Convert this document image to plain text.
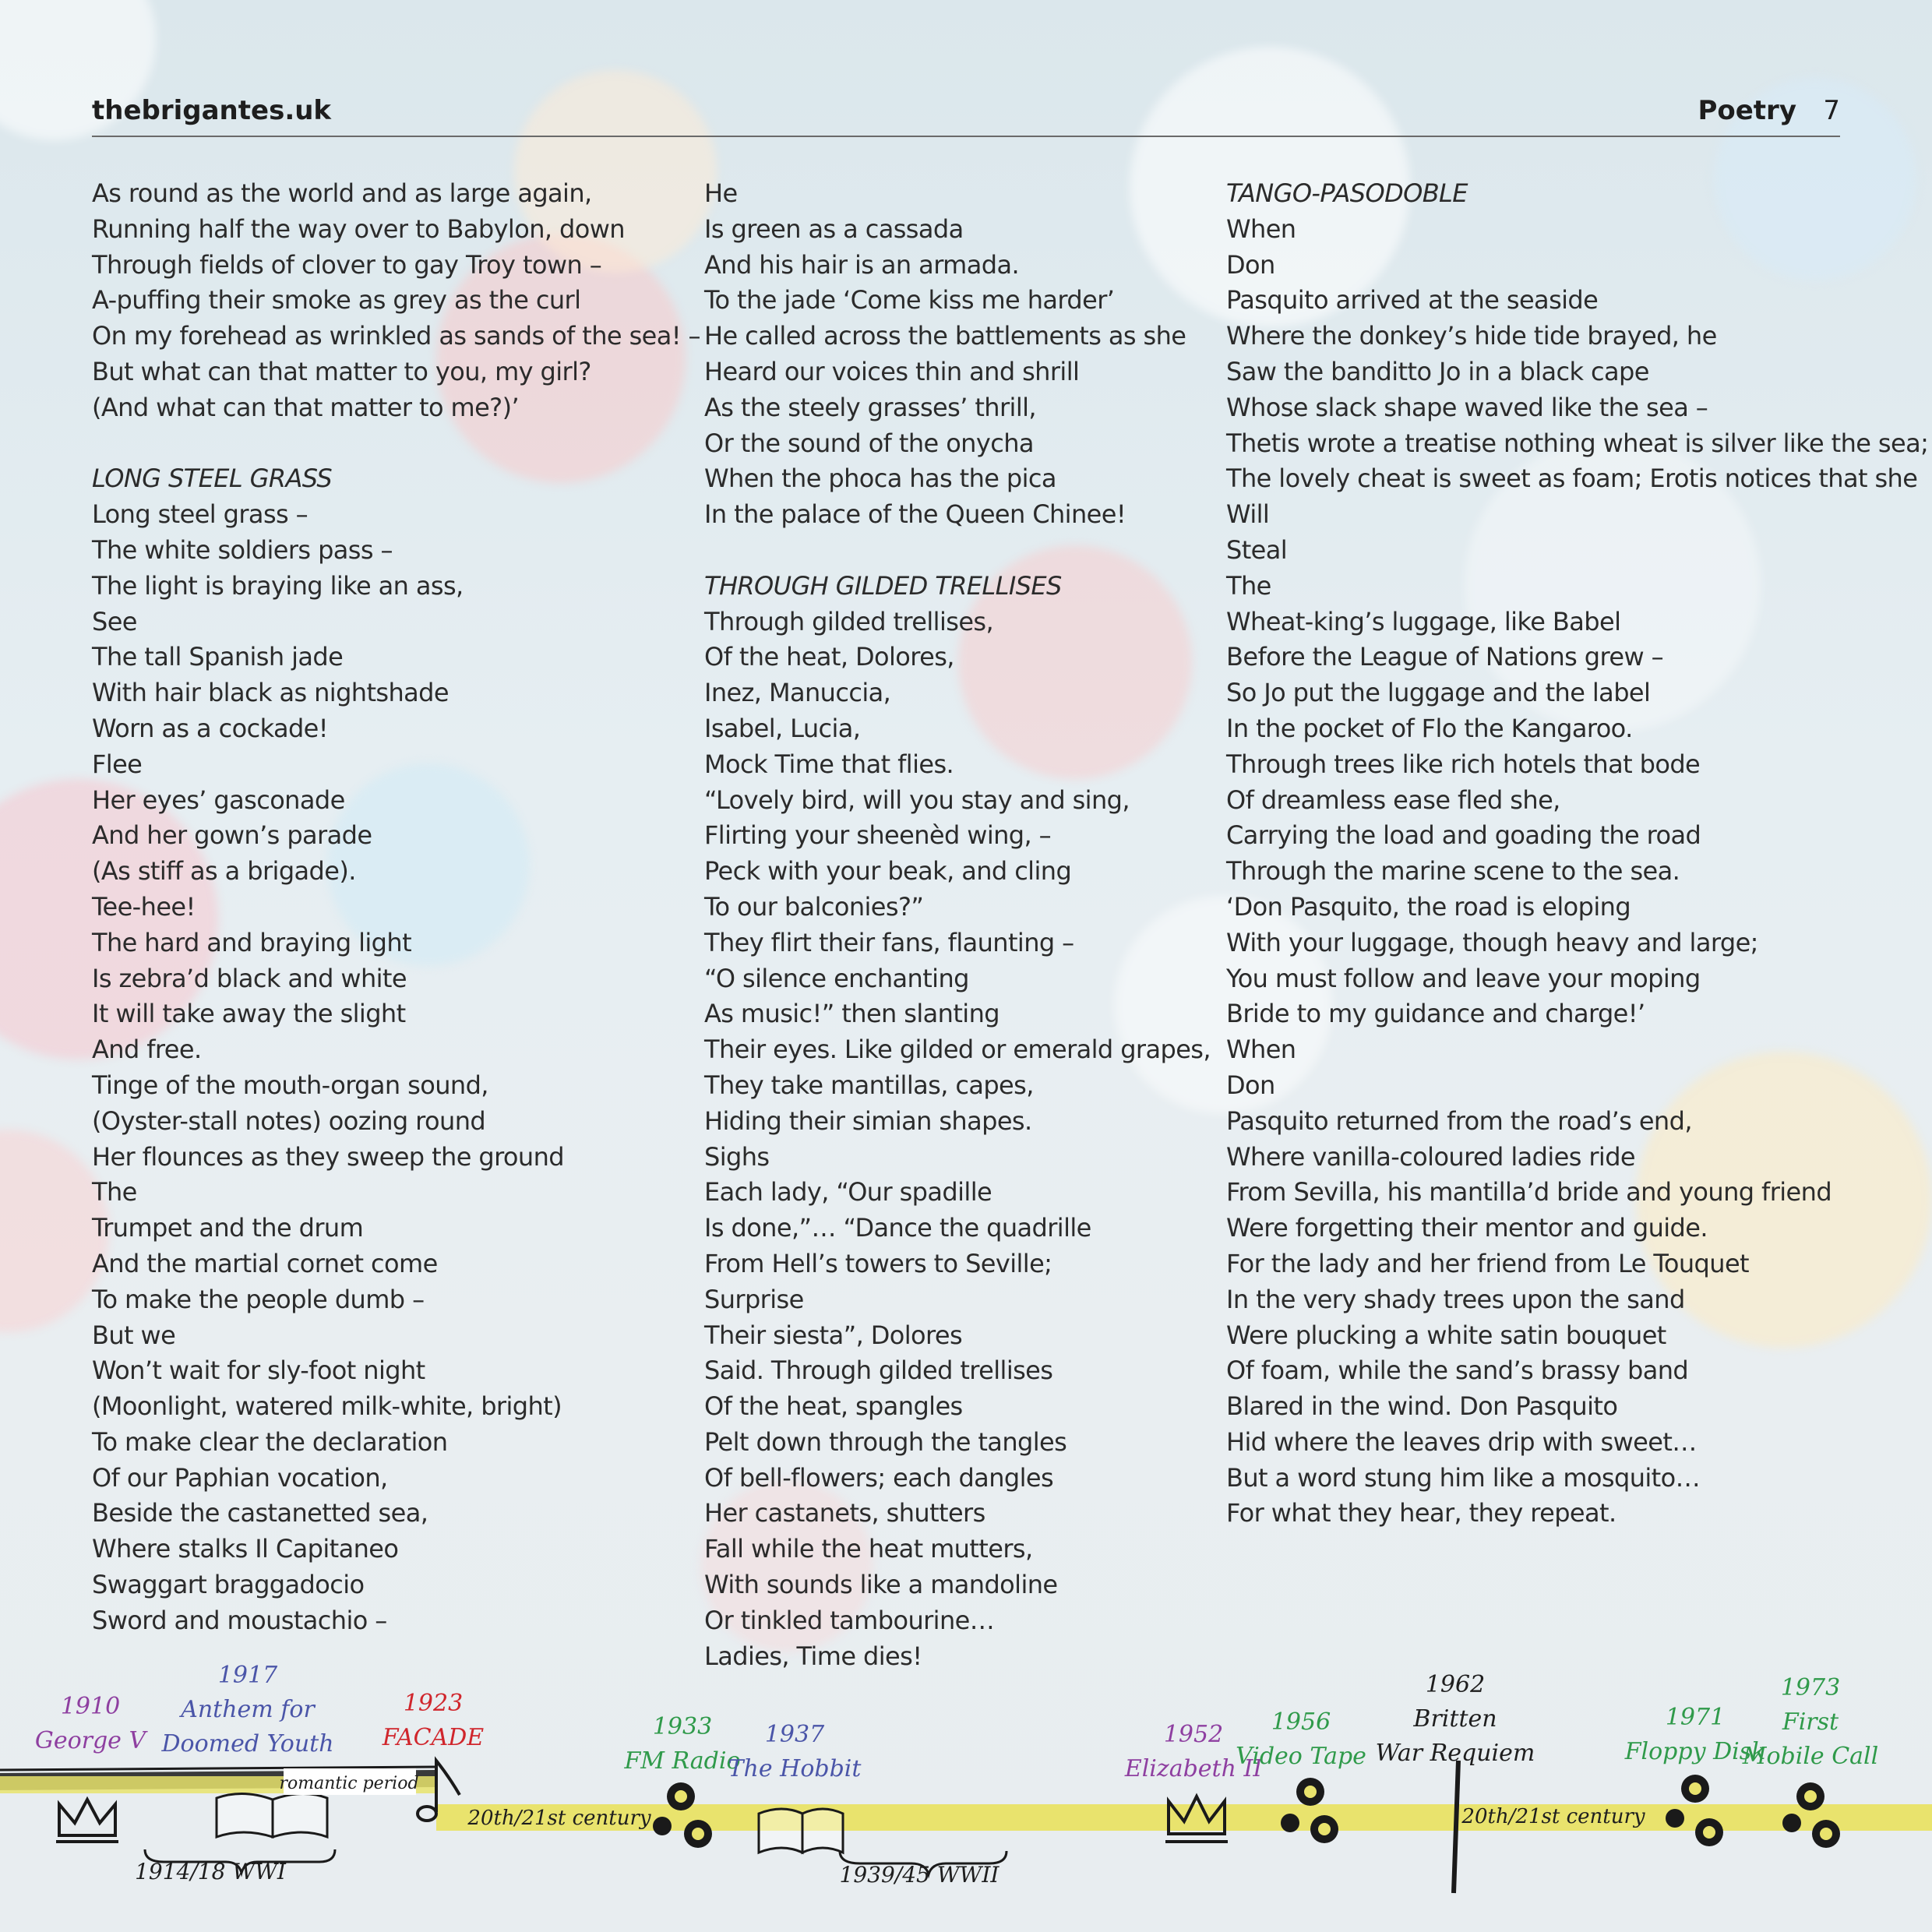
thebrigantes.uk	Poetry 7
As round as the world and as large again,
Running half the way over to Babylon, down
Through fields of clover to gay Troy town –
A-puffing their smoke as grey as the curl
On my forehead as wrinkled as sands of the sea! –
But what can that matter to you, my girl?
(And what can that matter to me?)’
LONG STEEL GRASS
Long steel grass –
The white soldiers pass –
The light is braying like an ass,
See
The tall Spanish jade
With hair black as nightshade
Worn as a cockade!
Flee
Her eyes’ gasconade
And her gown’s parade
(As stiff as a brigade).
Tee-hee!
The hard and braying light
Is zebra’d black and white
It will take away the slight
And free.
Tinge of the mouth-organ sound,
(Oyster-stall notes) oozing round
Her flounces as they sweep the ground
The
Trumpet and the drum
And the martial cornet come
To make the people dumb –
But we
Won’t wait for sly-foot night
(Moonlight, watered milk-white, bright)
To make clear the declaration
Of our Paphian vocation,
Beside the castanetted sea,
Where stalks Il Capitaneo
Swaggart braggadocio
Sword and moustachio –
He
Is green as a cassada
And his hair is an armada.
To the jade ‘Come kiss me harder’
He called across the battlements as she
Heard our voices thin and shrill
As the steely grasses’ thrill,
Or the sound of the onycha
When the phoca has the pica
In the palace of the Queen Chinee!
THROUGH GILDED TRELLISES
Through gilded trellises,
Of the heat, Dolores,
Inez, Manuccia,
Isabel, Lucia,
Mock Time that flies.
“Lovely bird, will you stay and sing,
Flirting your sheenèd wing, –
Peck with your beak, and cling
To our balconies?”
They flirt their fans, flaunting –
“O silence enchanting
As music!” then slanting
Their eyes. Like gilded or emerald grapes,
They take mantillas, capes,
Hiding their simian shapes.
Sighs
Each lady, “Our spadille
Is done,”… “Dance the quadrille
From Hell’s towers to Seville;
Surprise
Their siesta”, Dolores
Said. Through gilded trellises
Of the heat, spangles
Pelt down through the tangles
Of bell-flowers; each dangles
Her castanets, shutters
Fall while the heat mutters,
With sounds like a mandoline
Or tinkled tambourine…
Ladies, Time dies!
TANGO-PASODOBLE
When
Don
Pasquito arrived at the seaside
Where the donkey’s hide tide brayed, he
Saw the banditto Jo in a black cape
Whose slack shape waved like the sea –
Thetis wrote a treatise nothing wheat is silver like the sea;
The lovely cheat is sweet as foam; Erotis notices that she
Will
Steal
The
Wheat-king’s luggage, like Babel
Before the League of Nations grew –
So Jo put the luggage and the label
In the pocket of Flo the Kangaroo.
Through trees like rich hotels that bode
Of dreamless ease fled she,
Carrying the load and goading the road
Through the marine scene to the sea.
‘Don Pasquito, the road is eloping
With your luggage, though heavy and large;
You must follow and leave your moping
Bride to my guidance and charge!’
When
Don
Pasquito returned from the road’s end,
Where vanilla-coloured ladies ride
From Sevilla, his mantilla’d bride and young friend
Were forgetting their mentor and guide.
For the lady and her friend from Le Touquet
In the very shady trees upon the sand
Were plucking a white satin bouquet
Of foam, while the sand’s brassy band
Blared in the wind. Don Pasquito
Hid where the leaves drip with sweet…
But a word stung him like a mosquito…
For what they hear, they repeat.
1910
George V
1917
Anthem for
Doomed Youth
1923
FACADE	1933
FM Radio
1937
The Hobbit
1952
Elizabeth II
1956
Video Tape
1962
Britten
War Requiem
1971
Floppy Disk
1973
First
Mobile Call
romantic period
20th/21st century	20th/21st century
1914/18 WWI	1939/45 WWII
